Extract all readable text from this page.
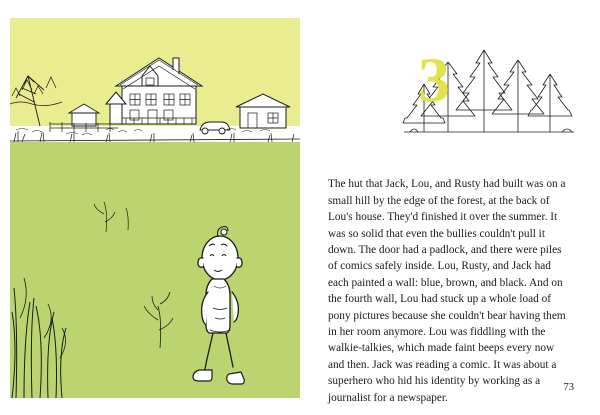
3

The hut that Jack, Lou, and Rusty had built was on a small hill by the edge of the forest, at the back of Lou's house. They'd finished it over the summer. It was so solid that even the bullies couldn't pull it down. The door had a padlock, and there were piles of comics safely inside. Lou, Rusty, and Jack had each painted a wall: blue, brown, and black. And on the fourth wall, Lou had stuck up a whole load of pony pictures because she couldn't bear having them in her room anymore. Lou was fiddling with the walkie-talkies, which made faint beeps every now and then. Jack was reading a comic. It was about a superhero who hid his identity by working as a journalist for a newspaper.

73
